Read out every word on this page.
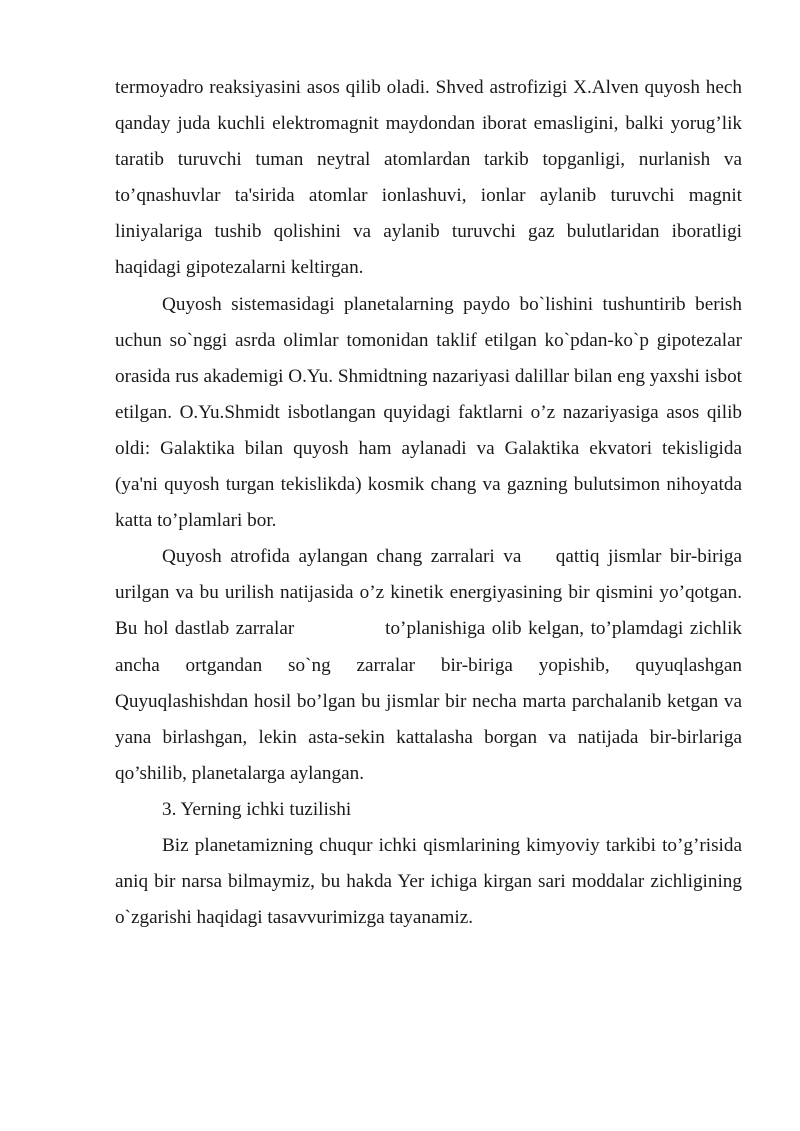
termoyadro reaksiyasini asos qilib oladi. Shved astrofizigi X.Alven quyosh hech qanday juda kuchli elektromagnit maydondan iborat emasligini, balki yorug’lik taratib turuvchi tuman neytral atomlardan tarkib topganligi, nurlanish va to’qnashuvlar ta'sirida atomlar ionlashuvi, ionlar aylanib turuvchi magnit liniyalariga tushib qolishini va aylanib turuvchi gaz bulutlaridan iboratligi haqidagi gipotezalarni keltirgan.

Quyosh sistemasidagi planetalarning paydo bo`lishini tushuntirib berish uchun so`nggi asrda olimlar tomonidan taklif etilgan ko`pdan-ko`p gipotezalar orasida rus akademigi O.Yu. Shmidtning nazariyasi dalillar bilan eng yaxshi isbot etilgan. O.Yu.Shmidt isbotlangan quyidagi faktlarni o’z nazariyasiga asos qilib oldi: Galaktika bilan quyosh ham aylanadi va Galaktika ekvatori tekisligida (ya'ni quyosh turgan tekislikda) kosmik chang va gazning bulutsimon nihoyatda katta to’plamlari bor.

Quyosh atrofida aylangan chang zarralari va    qattiq jismlar bir-biriga urilgan va bu urilish natijasida o’z kinetik energiyasining bir qismini yo’qotgan. Bu hol dastlab zarralar              to’planishiga olib kelgan, to’plamdagi zichlik ancha ortgandan so`ng zarralar bir-biriga yopishib, quyuqlashgan Quyuqlashishdan hosil bo’lgan bu jismlar bir necha marta parchalanib ketgan va yana birlashgan, lekin asta-sekin kattalasha borgan va natijada bir-birlariga qo’shilib, planetalarga aylangan.

3. Yerning ichki tuzilishi

Biz planetamizning chuqur ichki qismlarining kimyoviy tarkibi to’g’risida aniq bir narsa bilmaymiz, bu hakda Yer ichiga kirgan sari moddalar zichligining o`zgarishi haqidagi tasavvurimizga tayanamiz.
